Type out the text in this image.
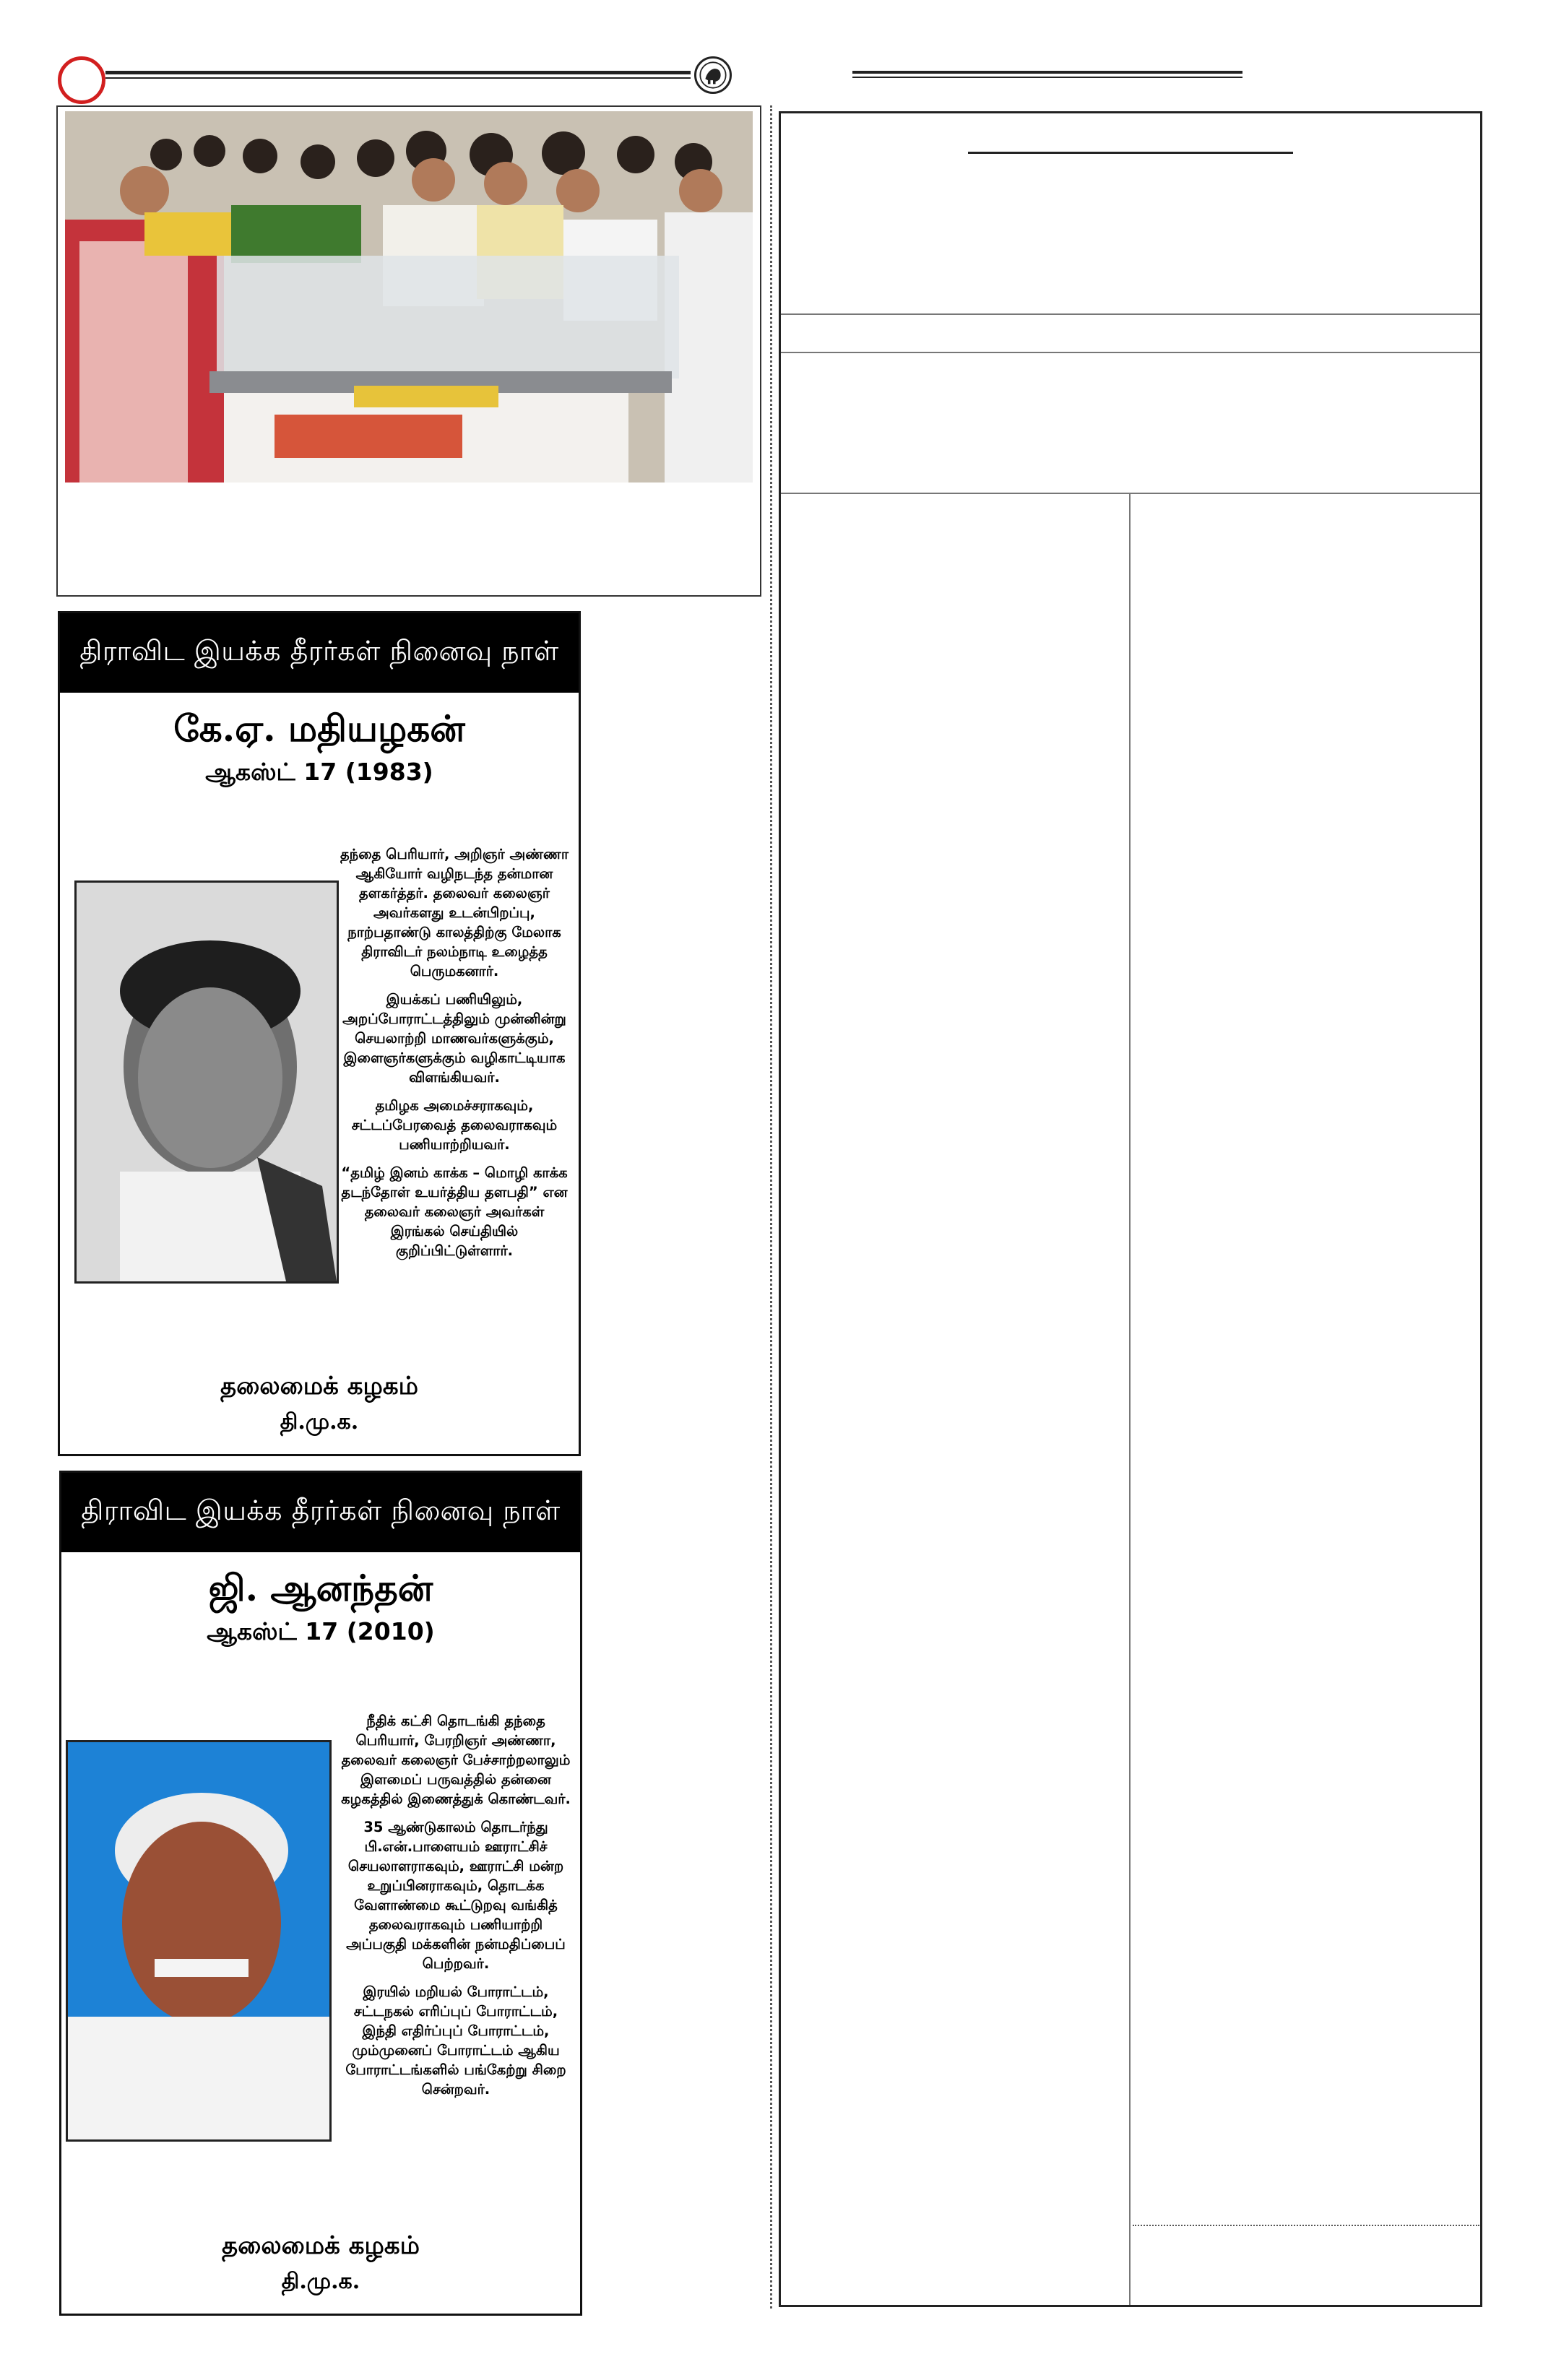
திராவிட இயக்க தீரர்கள் நினைவு நாள்
கே.ஏ. மதியழகன்
ஆகஸ்ட் 17 (1983)

தந்தை பெரியார், அறிஞர் அண்ணா ஆகியோர் வழிநடந்த தன்மான தளகர்த்தர். தலைவர் கலைஞர் அவர்களது உடன்பிறப்பு, நாற்பதாண்டு காலத்திற்கு மேலாக திராவிடர் நலம்நாடி உழைத்த பெருமகனார்.

இயக்கப் பணியிலும், அறப்போராட்டத்திலும் முன்னின்று செயலாற்றி மாணவர்களுக்கும், இளைஞர்களுக்கும் வழிகாட்டியாக விளங்கியவர்.

தமிழக அமைச்சராகவும், சட்டப்பேரவைத் தலைவராகவும் பணியாற்றியவர்.

“தமிழ் இனம் காக்க – மொழி காக்க தடந்தோள் உயர்த்திய தளபதி” என தலைவர் கலைஞர் அவர்கள் இரங்கல் செய்தியில் குறிப்பிட்டுள்ளார்.

தலைமைக் கழகம்
தி.மு.க.
திராவிட இயக்க தீரர்கள் நினைவு நாள்
ஜி. ஆனந்தன்
ஆகஸ்ட் 17 (2010)

நீதிக் கட்சி தொடங்கி தந்தை பெரியார், பேரறிஞர் அண்ணா, தலைவர் கலைஞர் பேச்சாற்றலாலும் இளமைப் பருவத்தில் தன்னை கழகத்தில் இணைத்துக் கொண்டவர்.

35 ஆண்டுகாலம் தொடர்ந்து பி.என்.பாளையம் ஊராட்சிச் செயலாளராகவும், ஊராட்சி மன்ற உறுப்பினராகவும், தொடக்க வேளாண்மை கூட்டுறவு வங்கித் தலைவராகவும் பணியாற்றி அப்பகுதி மக்களின் நன்மதிப்பைப் பெற்றவர்.

இரயில் மறியல் போராட்டம், சட்டநகல் எரிப்புப் போராட்டம், இந்தி எதிர்ப்புப் போராட்டம், மும்முனைப் போராட்டம் ஆகிய போராட்டங்களில் பங்கேற்று சிறை சென்றவர்.

தலைமைக் கழகம்
தி.மு.க.
